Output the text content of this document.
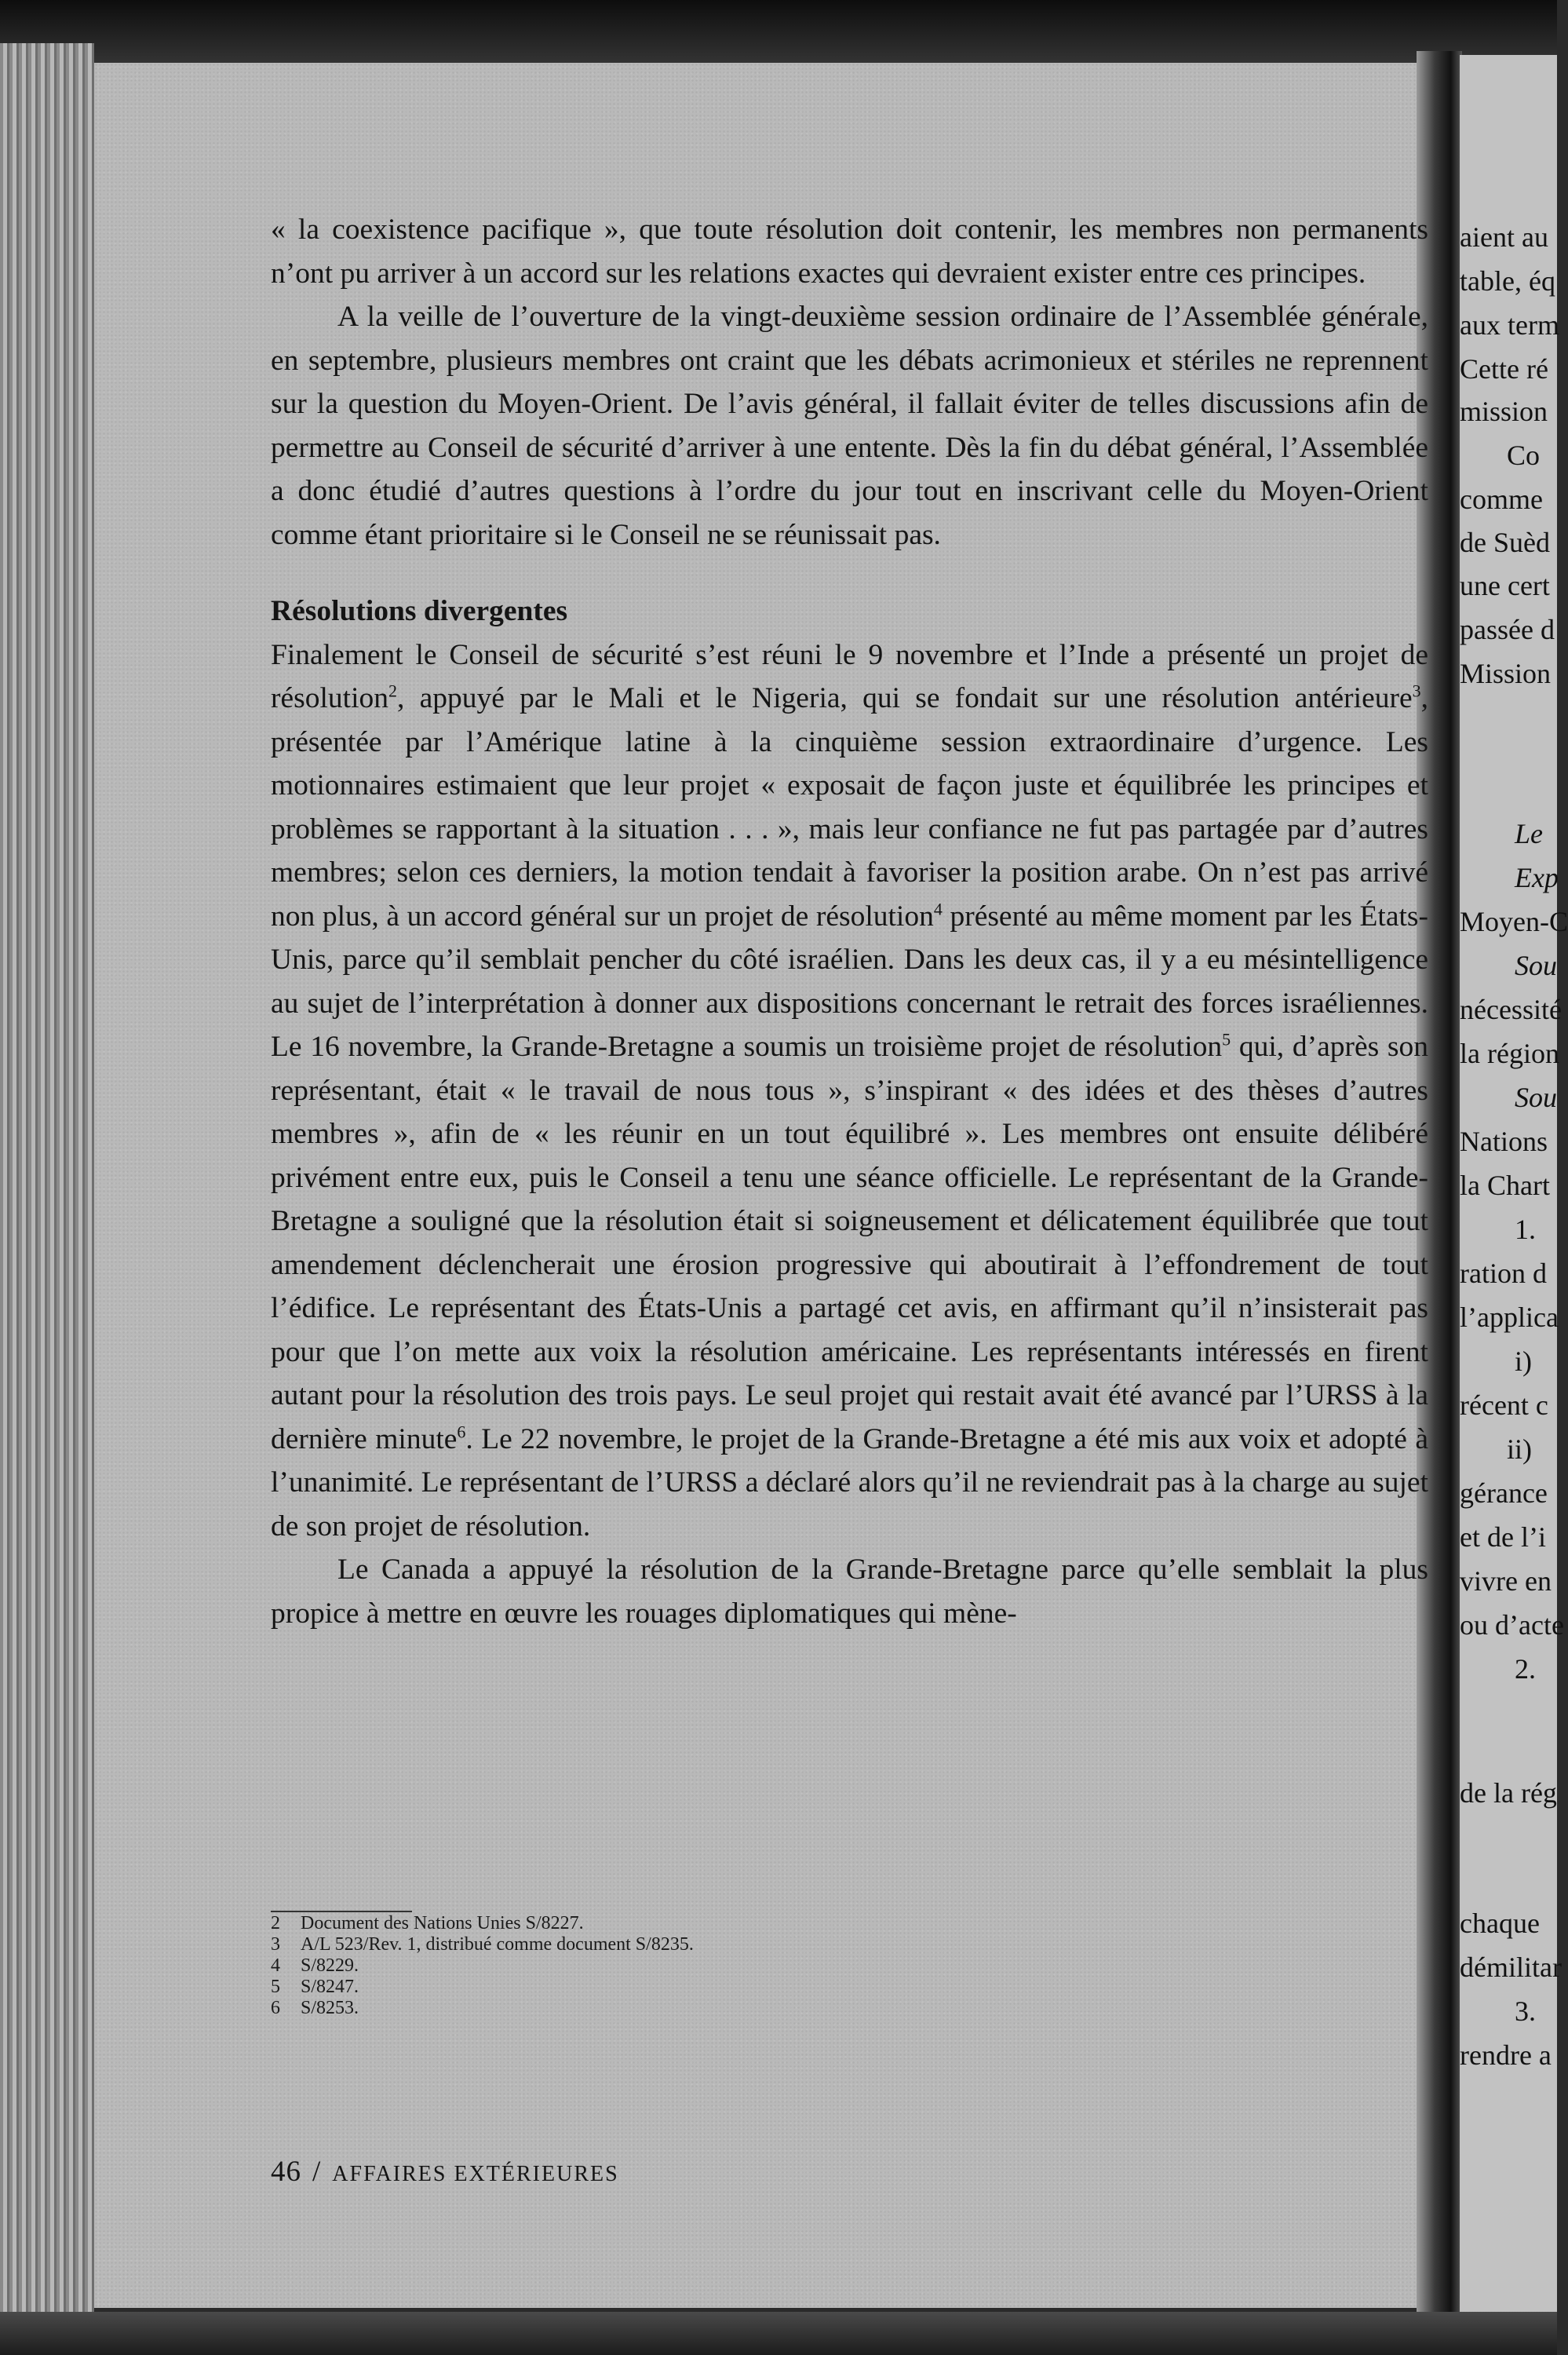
aient au
table, éq
aux term
Cette ré
mission
Co
comme
de Suèd
une cert
passée d
Mission
Le
Exp
Moyen-C
Sou
nécessité
la région
Sou
Nations
la Chart
1.
ration d
l’applica
i)
récent c
ii)
gérance
et de l’i
vivre en
ou d’acte
2.
de la rég
chaque
démilitar
3.
rendre a

« la coexistence pacifique », que toute résolution doit contenir, les membres non permanents n’ont pu arriver à un accord sur les relations exactes qui devraient exister entre ces principes.

A la veille de l’ouverture de la vingt-deuxième session ordinaire de l’Assemblée générale, en septembre, plusieurs membres ont craint que les débats acrimonieux et stériles ne reprennent sur la question du Moyen-Orient. De l’avis général, il fallait éviter de telles discussions afin de permettre au Conseil de sécurité d’arriver à une entente. Dès la fin du débat général, l’Assemblée a donc étudié d’autres questions à l’ordre du jour tout en inscrivant celle du Moyen-Orient comme étant prioritaire si le Conseil ne se réunissait pas.

Résolutions divergentes

Finalement le Conseil de sécurité s’est réuni le 9 novembre et l’Inde a présenté un projet de résolution$^2$, appuyé par le Mali et le Nigeria, qui se fondait sur une résolution antérieure$^3$, présentée par l’Amérique latine à la cinquième session extraordinaire d’urgence. Les motionnaires estimaient que leur projet « exposait de façon juste et équilibrée les principes et problèmes se rapportant à la situation . . . », mais leur confiance ne fut pas partagée par d’autres membres; selon ces derniers, la motion tendait à favoriser la position arabe. On n’est pas arrivé non plus, à un accord général sur un projet de résolution$^4$ présenté au même moment par les États-Unis, parce qu’il semblait pencher du côté israélien. Dans les deux cas, il y a eu mésintelligence au sujet de l’interprétation à donner aux dispositions concernant le retrait des forces israéliennes. Le 16 novembre, la Grande-Bretagne a soumis un troisième projet de résolution$^5$ qui, d’après son représentant, était « le travail de nous tous », s’inspirant « des idées et des thèses d’autres membres », afin de « les réunir en un tout équilibré ». Les membres ont ensuite délibéré privément entre eux, puis le Conseil a tenu une séance officielle. Le représentant de la Grande-Bretagne a souligné que la résolution était si soigneusement et délicatement équilibrée que tout amendement déclencherait une érosion progressive qui aboutirait à l’effondrement de tout l’édifice. Le représentant des États-Unis a partagé cet avis, en affirmant qu’il n’insisterait pas pour que l’on mette aux voix la résolution américaine. Les représentants intéressés en firent autant pour la résolution des trois pays. Le seul projet qui restait avait été avancé par l’URSS à la dernière minute$^6$. Le 22 novembre, le projet de la Grande-Bretagne a été mis aux voix et adopté à l’unanimité. Le représentant de l’URSS a déclaré alors qu’il ne reviendrait pas à la charge au sujet de son projet de résolution.

Le Canada a appuyé la résolution de la Grande-Bretagne parce qu’elle semblait la plus propice à mettre en œuvre les rouages diplomatiques qui mène-

2	Document des Nations Unies S/8227.
3	A/L 523/Rev. 1, distribué comme document S/8235.
4	S/8229.
5	S/8247.
6	S/8253.
46 / AFFAIRES EXTÉRIEURES
